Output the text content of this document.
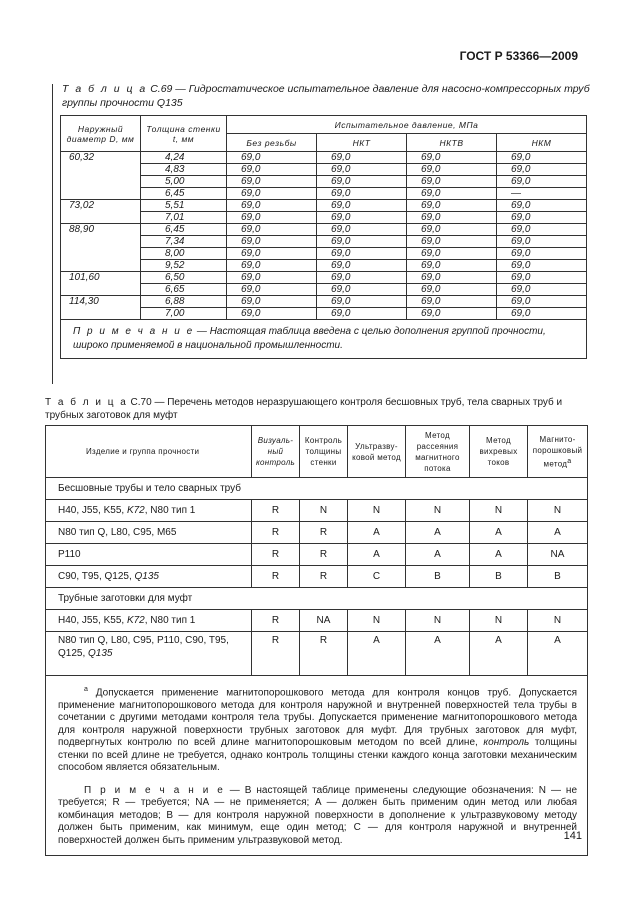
ГОСТ Р 53366—2009
Т а б л и ц а С.69 — Гидростатическое испытательное давление для насосно-компрессорных труб группы прочности Q135
Наружный диаметр D, мм	Толщина стенки t, мм	Испытательное давление, МПа			
		Без резьбы	НКТ	НКТВ	НКМ
60,32	4,24	69,0	69,0	69,0	69,0
	4,83	69,0	69,0	69,0	69,0
	5,00	69,0	69,0	69,0	69,0
	6,45	69,0	69,0	69,0	—
73,02	5,51	69,0	69,0	69,0	69,0
	7,01	69,0	69,0	69,0	69,0
88,90	6,45	69,0	69,0	69,0	69,0
	7,34	69,0	69,0	69,0	69,0
	8,00	69,0	69,0	69,0	69,0
	9,52	69,0	69,0	69,0	69,0
101,60	6,50	69,0	69,0	69,0	69,0
	6,65	69,0	69,0	69,0	69,0
114,30	6,88	69,0	69,0	69,0	69,0
	7,00	69,0	69,0	69,0	69,0
П р и м е ч а н и е — Настоящая таблица введена с целью дополнения группой прочности, широко применяемой в национальной промышленности.					
Т а б л и ц а С.70 — Перечень методов неразрушающего контроля бесшовных труб, тела сварных труб и трубных заготовок для муфт
Изделие и группа прочности	Визуаль-ный контроль	Контроль толщины стенки	Ультразву-ковой метод	Метод рассеяния магнитного потока	Метод вихревых токов	Магнито-порошковый метод$^a$
Бесшовные трубы и тело сварных труб						
Н40, J55, K55, K72, N80 тип 1	R	N	N	N	N	N
N80 тип Q, L80, C95, M65	R	R	A	A	A	A
P110	R	R	A	A	A	NA
C90, T95, Q125, Q135	R	R	C	B	B	B
Трубные заготовки для муфт						
Н40, J55, K55, K72, N80 тип 1	R	NA	N	N	N	N
N80 тип Q, L80, C95, P110, C90, T95, Q125, Q135	R	R	A	A	A	A

$^a$ Допускается применение магнитопорошкового метода для контроля концов труб. Допускается применение магнитопорошкового метода для контроля наружной и внутренней поверхностей тела трубы в сочетании с другими методами контроля тела трубы. Допускается применение магнитопорошкового метода для контроля наружной поверхности трубных заготовок для муфт. Для трубных заготовок для муфт, подвергнутых контролю по всей длине магнитопорошковым методом по всей длине, контроль толщины стенки по всей длине не требуется, однако контроль толщины стенки каждого конца заготовки механическим способом является обязательным.

П р и м е ч а н и е — В настоящей таблице применены следующие обозначения: N — не требуется; R — требуется; NA — не применяется; A — должен быть применим один метод или любая комбинация методов; B — для контроля наружной поверхности в дополнение к ультразвуковому методу должен быть применим, как минимум, еще один метод; C — для контроля наружной и внутренней поверхностей должен быть применим ультразвуковой метод.							141
